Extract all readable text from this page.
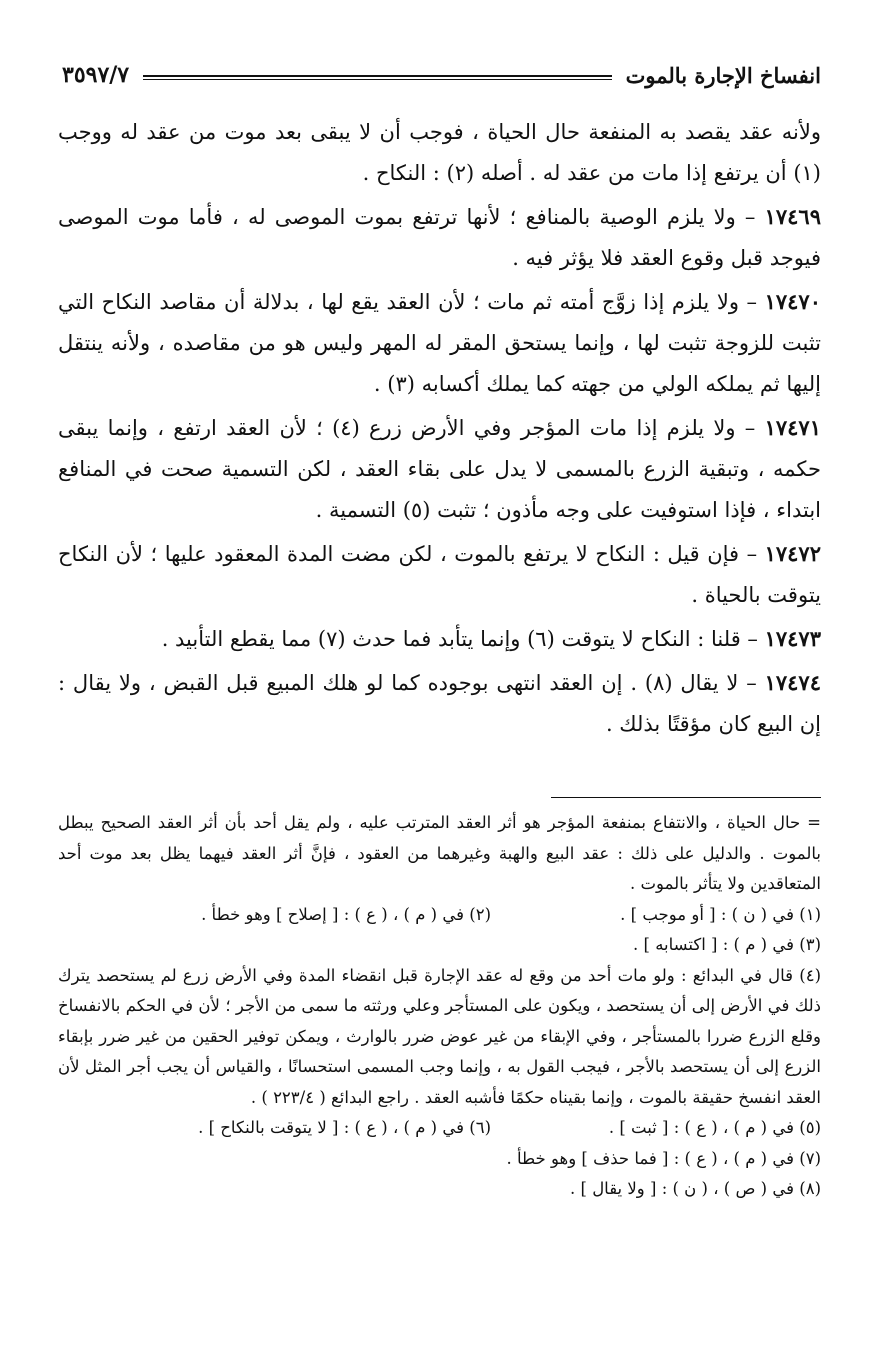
انفساخ الإجارة بالموت
٣٥٩٧/٧

ولأنه عقد يقصد به المنفعة حال الحياة ، فوجب أن لا يبقى بعد موت من عقد له ووجب (١) أن يرتفع إذا مات من عقد له . أصله (٢) : النكاح .

١٧٤٦٩ – ولا يلزم الوصية بالمنافع ؛ لأنها ترتفع بموت الموصى له ، فأما موت الموصى فيوجد قبل وقوع العقد فلا يؤثر فيه .

١٧٤٧٠ – ولا يلزم إذا زوَّج أمته ثم مات ؛ لأن العقد يقع لها ، بدلالة أن مقاصد النكاح التي تثبت للزوجة تثبت لها ، وإنما يستحق المقر له المهر وليس هو من مقاصده ، ولأنه ينتقل إليها ثم يملكه الولي من جهته كما يملك أكسابه (٣) .

١٧٤٧١ – ولا يلزم إذا مات المؤجر وفي الأرض زرع (٤) ؛ لأن العقد ارتفع ، وإنما يبقى حكمه ، وتبقية الزرع بالمسمى لا يدل على بقاء العقد ، لكن التسمية صحت في المنافع ابتداء ، فإذا استوفيت على وجه مأذون ؛ تثبت (٥) التسمية .

١٧٤٧٢ – فإن قيل : النكاح لا يرتفع بالموت ، لكن مضت المدة المعقود عليها ؛ لأن النكاح يتوقت بالحياة .

١٧٤٧٣ – قلنا : النكاح لا يتوقت (٦) وإنما يتأبد فما حدث (٧) مما يقطع التأبيد .

١٧٤٧٤ – لا يقال (٨) . إن العقد انتهى بوجوده كما لو هلك المبيع قبل القبض ، ولا يقال : إن البيع كان مؤقتًا بذلك .

= حال الحياة ، والانتفاع بمنفعة المؤجر هو أثر العقد المترتب عليه ، ولم يقل أحد بأن أثر العقد الصحيح يبطل بالموت . والدليل على ذلك : عقد البيع والهبة وغيرهما من العقود ، فإنَّ أثر العقد فيهما يظل بعد موت أحد المتعاقدين ولا يتأثر بالموت .

(١) في ( ن ) : [ أو موجب ] .
(٢) في ( م ) ، ( ع ) : [ إصلاح ] وهو خطأ .

(٣) في ( م ) : [ اكتسابه ] .

(٤) قال في البدائع : ولو مات أحد من وقع له عقد الإجارة قبل انقضاء المدة وفي الأرض زرع لم يستحصد يترك ذلك في الأرض إلى أن يستحصد ، ويكون على المستأجر وعلي ورثته ما سمى من الأجر ؛ لأن في الحكم بالانفساخ وقلع الزرع ضررا بالمستأجر ، وفي الإبقاء من غير عوض ضرر بالوارث ، ويمكن توفير الحقين من غير ضرر بإبقاء الزرع إلى أن يستحصد بالأجر ، فيجب القول به ، وإنما وجب المسمى استحسانًا ، والقياس أن يجب أجر المثل لأن العقد انفسخ حقيقة بالموت ، وإنما بقيناه حكمًا فأشبه العقد . راجع البدائع ( ٢٢٣/٤ ) .

(٥) في ( م ) ، ( ع ) : [ ثبت ] .
(٦) في ( م ) ، ( ع ) : [ لا يتوقت بالنكاح ] .

(٧) في ( م ) ، ( ع ) : [ فما حذف ] وهو خطأ .

(٨) في ( ص ) ، ( ن ) : [ ولا يقال ] .
